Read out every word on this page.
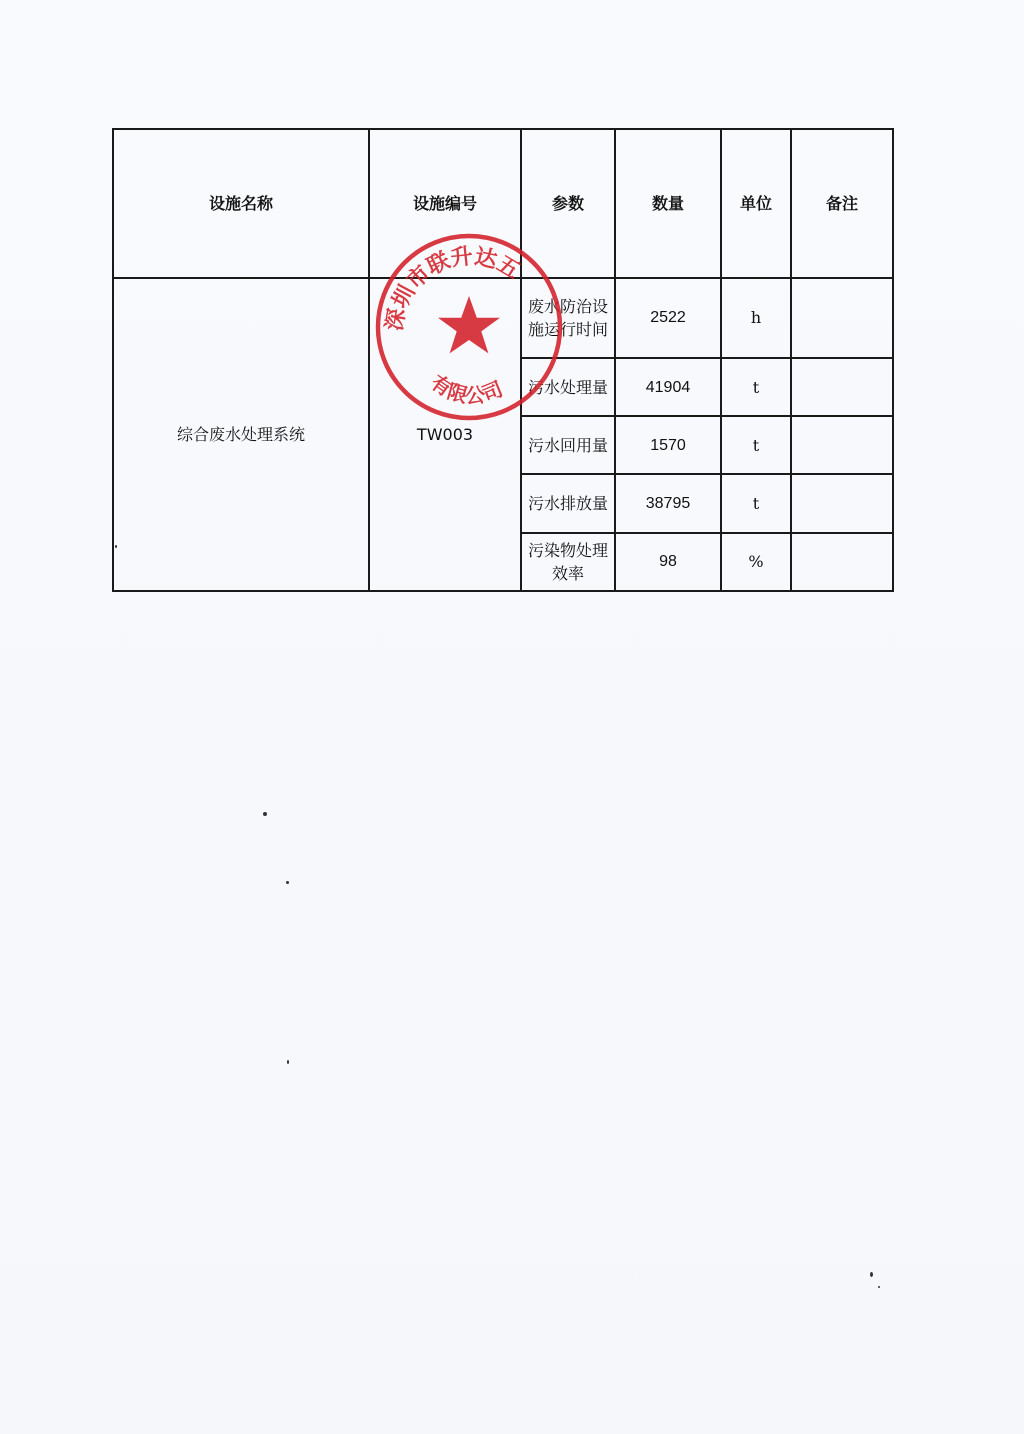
设施名称	设施编号	参数	数量	单位	备注
综合废水处理系统	TW003	废水防治设施运行时间	2522	h	
		污水处理量	41904	t	
		污水回用量	1570	t	
		污水排放量	38795	t	
		污染物处理效率	98	%	
深圳市联升达五
有限公司
